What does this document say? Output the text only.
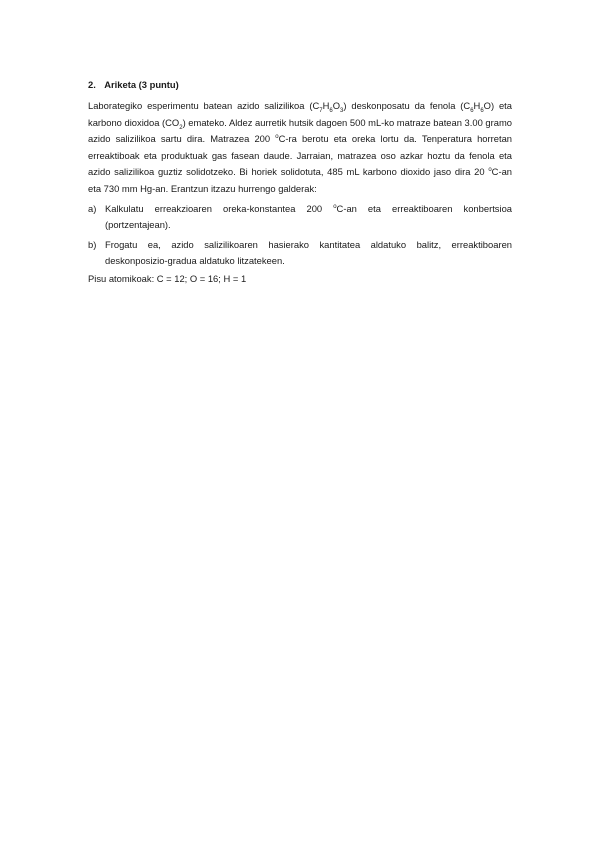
2. Ariketa (3 puntu)

Laborategiko esperimentu batean azido salizilikoa $(C_7H_6O_3)$ deskonposatu da fenola $(C_6H_6O)$ eta karbono dioxidoa $(CO_2)$ emateko. Aldez aurretik hutsik dagoen 500 mL-ko matraze batean 3.00 gramo azido salizilikoa sartu dira. Matrazea 200 $^o$C-ra berotu eta oreka lortu da. Tenperatura horretan erreaktiboak eta produktuak gas fasean daude. Jarraian, matrazea oso azkar hoztu da fenola eta azido salizilikoa guztiz solidotzeko. Bi horiek solidotuta, 485 mL karbono dioxido jaso dira 20 $^o$C-an eta 730 mm Hg-an. Erantzun itzazu hurrengo galderak:

a) Kalkulatu erreakzioaren oreka-konstantea 200 $^o$C-an eta erreaktiboaren konbertsioa (portzentajean).
b) Frogatu ea, azido salizilikoaren hasierako kantitatea aldatuko balitz, erreaktiboaren deskonposizio-gradua aldatuko litzatekeen.

Pisu atomikoak: C = 12; O = 16; H = 1
